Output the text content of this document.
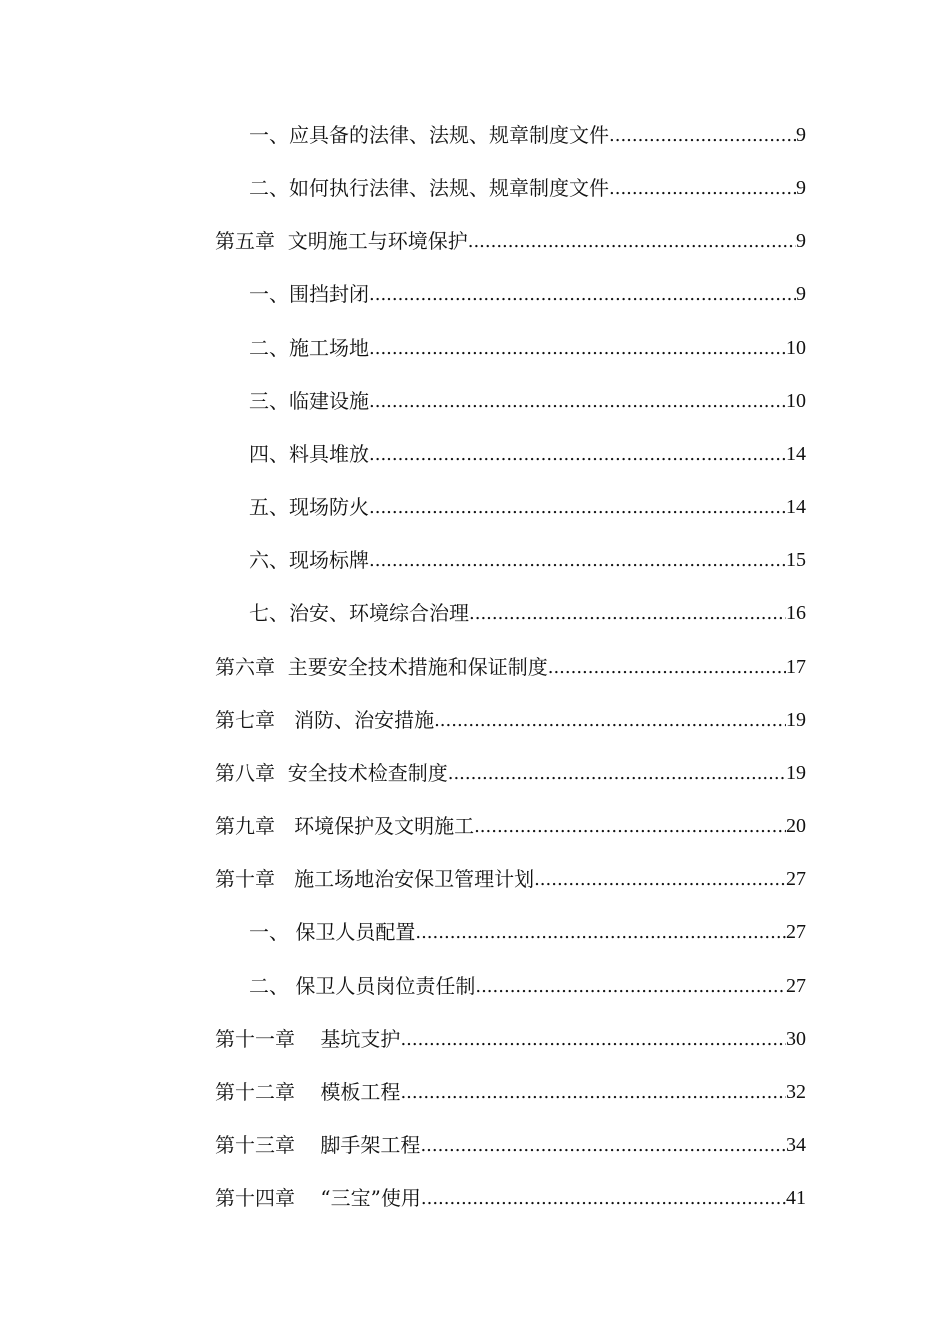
一、应具备的法律、法规、规章制度文件 .....	9
二、如何执行法律、法规、规章制度文件 .....	9
第五章  文明施工与环境保护 .....	9
一、围挡封闭 .....	9
二、施工场地 .....	10
三、临建设施 .....	10
四、料具堆放 .....	14
五、现场防火 .....	14
六、现场标牌 .....	15
七、治安、环境综合治理 .....	16
第六章  主要安全技术措施和保证制度 .....	17
第七章   消防、治安措施 .....	19
第八章  安全技术检查制度 .....	19
第九章   环境保护及文明施工 .....	20
第十章   施工场地治安保卫管理计划 .....	27
一、 保卫人员配置 .....	27
二、 保卫人员岗位责任制 .....	27
第十一章    基坑支护 .....	30
第十二章    模板工程 .....	32
第十三章    脚手架工程 .....	34
第十四章    “三宝”使用 .....	41
